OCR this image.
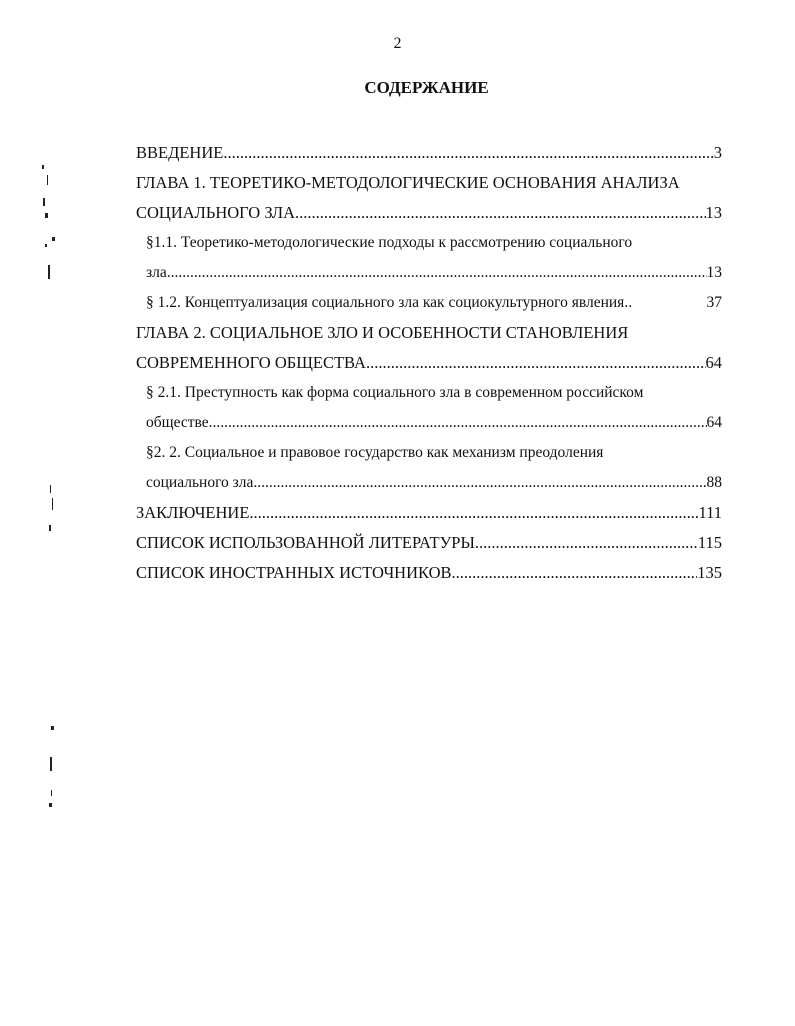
2
СОДЕРЖАНИЕ
ВВЕДЕНИЕ .....	3
ГЛАВА 1. ТЕОРЕТИКО-МЕТОДОЛОГИЧЕСКИЕ ОСНОВАНИЯ АНАЛИЗА
СОЦИАЛЬНОГО ЗЛА .....	13
§1.1. Теоретико-методологические подходы к рассмотрению социального
зла .....	13
§ 1.2. Концептуализация социального зла как социокультурного явления..	37
ГЛАВА 2. СОЦИАЛЬНОЕ ЗЛО И ОСОБЕННОСТИ СТАНОВЛЕНИЯ
СОВРЕМЕННОГО ОБЩЕСТВА .....	64
§ 2.1. Преступность как форма социального зла в современном российском
обществе .....	64
§2. 2. Социальное и правовое государство как механизм преодоления
социального зла .....	88
ЗАКЛЮЧЕНИЕ .....	111
СПИСОК ИСПОЛЬЗОВАННОЙ ЛИТЕРАТУРЫ .....	115
СПИСОК ИНОСТРАННЫХ ИСТОЧНИКОВ .....	135
